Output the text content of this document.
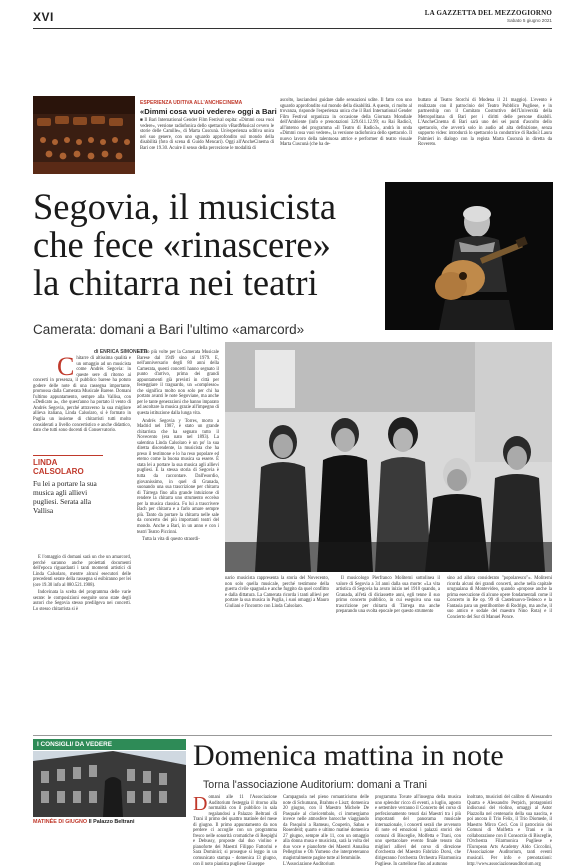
XVI	LA GAZZETTA DEL MEZZOGIORNO
Sabato 5 giugno 2021
ESPERIENZA UDITIVA ALL'ANCHECINEMA
«Dimmi cosa vuoi vedere» oggi a Bari
■ Il Bari International Gender Film Festival ospita: «Dimmi cosa vuoi vedere», versione radiofonica dello spettacolo vBardMusical ovvero le storie delle Camille», di Marta Cuscunà. Un'esperienza uditiva unica nel suo genere, con uno sguardo approfondito sul mondo della disabilità (foto di scena di Guido Mencari). Oggi all'AncheCinema di Bari ore 19.30. Acuire il senso della percezione le modalità di
ascolto, lasciandosi guidare dalle sensazioni udite. Il fatto con uno sguardo approfondito sul mondo della disabilità. A questo, ci molto al trovanza, risponde l'esperienza unica che il Bari International Gender Film Festival organizza in occasione della Giornata Mondiale dell'Ambiente (info e prenotazioni 329.611.12.99; su Rai Radio3, all'interno del programma «Il Teatro di Radio3», andrà in onda «Dimmi cosa vuoi vedere», la versione radiofonica dello spettacolo. Il nuovo lavoro della talentuosa attrice e performer di teatro visuale Marta Cuscunà (che ha de-
buttato al Teatro Storchi di Modena il 21 maggio). L'evento è realizzato con il patrocinio del Teatro Pubblico Pugliese, e in partnership con il Comitato Costruttivo dell'Università della Metropolitana di Bari per i diritti delle persone disabili. L'AncheCinema di Bari sarà uno dei sei punti d'ascolto dello spettacolo, che avverrà solo in audio ad alta definizione, senza supporto video: introdurrà lo spettacolo la conduttrice di Radio3 Laura Palmieri in dialogo con la regista Marta Cuscunà in diretta da Rovereto.
Segovia, il musicista
che fece «rinascere»
la chitarra nei teatri
Camerata: domani a Bari l'ultimo «amarcord»
di ENRICA SIMONETTI
C hitarre di altissima qualità e un omaggio ad un musicista come Andrés Segovia: in queste sere di ritorno ai concerti in presenza, il pubblico barese ha potuto godere delle note di una rassegna importante, promossa dalla Camerata Musicale Barese. Domani l'ultimo appuntamento, sempre alla Vallisa, con «Dedicato a», che quest'anno ha portato il vento di Andrés Segovia, perché attraverso la sua migliore allieva italiana, Linda Calsolaro, si è formato in Puglia un insieme di chitarristi tutti molto considerati a livello concertistico e anche didattico, dato che tutti sono docenti di Conservatorio.

LINDA CALSOLARO
Fu lei a portare la sua musica agli allievi pugliesi. Serata alla Vallisa

E l'omaggio di domani sarà un che un amarcord, perché saranno anche proiettati documenti dell'epoca riguardanti i tanti momenti artistici di Linda Calsolaro, mentre alcuni esecutori delle precedenti serate della rassegna si esibiranno per lei (ore 19.30 info al 080.521.1908).

Indovinata la scelta del programma delle varie serate: le composizioni eseguite sono state degli autori che Segovia stesso predilgeva nei concerti. Lo stesso chitarrista si è

esibito più volte per la Camerata Musicale Barese dal 1949 sino al 1979. E, nell'anniversario degli 80 anni della Camerata, questi concerti hanno segnato il punto d'arrivo, prima dei grandi appuntamenti già previsti in città per festeggiare il traguardo, un «complesso» che significa molto non solo per chi ha portato avanti le note Segoviane, ma anche per le tante generazioni che hanno imparato ad ascoltare la musica grazie all'impegno di questa istituzione dalla lunga vita.

Andrés Segovia y Torres, morto a Madrid nel 1987, è stato un grande chitarrista che ha segnato tutto il Novecento (era nato nel 1893). La salentina Linda Calsolaro è un po' la sua diretta discendente, la musicista che ha preso il testimone e lo ha reso popolare ed eterno come la buona musica sa essere. È stata lei a portare la sua musica agli allievi pugliesi. E la stessa storia di Segovia è tutta da raccontare. Dall'esordio, giovanissimo, in quel di Granada, suonando una sua trascrizione per chitarra di Tárrega fino alla grande intuizione di rendere la chitarra uno strumento eccelso per la musica classica. Fu lui a trascrivere Bach per chitarra e a farlo amare sempre più. Tanto da portare la chitarra nelle sale da concerto dei più importanti teatri del mondo. Anche a Bari, in un anno e con i teatri Teatro Piccinni.

Tutta la vita di questo straordi-

nario musicista rappresenta la storia del Novecento, non solo quella musicale, perché testimone della guerra civile spagnola e anche fuggito da quel conflitto e dalla dittatura. La Camerata ricorda i tanti allievi per portare la sua musica in Puglia, i suoi omaggi a Mauro Giuliani e l'incontro con Linda Calsolaro.

Il musicologo Pierfranco Moliterni sottolinea il valore di Segovia a 34 anni dalla sua morte: «La vita artistica di Segovia ha avuto inizio nel 1910 quando, a Granada, all'età di diciassette anni, egli tenne il suo primo concerto pubblico, in cui eseguiva una sua trascrizione per chitarra di Tárrega ma anche preparando una svolta epocale per questo strumento

sino ad allora considerato "popolaresco"». Moliterni ricorda alcuni dei grandi concerti, anche nella capitale uruguaiana di Montevideo, quando «propose anche la prima esecuzione di alcune opere fondamentali come il Concerto in Re op. 99 di Castelnuovo-Tedesco e la Fantasia para un gentilhombre di Rodrigo, ma anche, il suo amico e sodale del maestro Nino Rota) e il Concierto del Sur di Manuel Ponce.

I CONSIGLI/ DA VEDERE
MATINÉE DI GIUGNO Il Palazzo Beltrani
Domenica mattina in note
Torna l'associazione Auditorium: domani a Trani
D omani alle 11 l'Associazione Auditorium festeggia il ritorno alla normalità con il pubblico in sala regalandosi a Palazzo Beltrani di Trani il primo dei quattro matinée del mese di giugno. Il primo appuntamento da non perdere ci accoglie con un programma fresco nelle sonorità cromatiche di Respighi e Debussy, proposte dal duo violino e pianoforte dei Maestri Filippo Fattorini e Sara Dominici; si prosegue si leggo in un comunicato stampa - domenica 13 giugno, con il noto pianista pugliese Giuseppe
Campagnola nel pieno romanticismo delle note di Schumann, Brahms e Liszt; domenica 20 giugno, con il Maestro Michele De Pasquale al clavicembalo, ci immergiamo invece nelle atmosfere barocche viaggiando da Pasquini a Rameau, Couperin, Sabas e Rosenfeld; quarto e ultimo matiné domenica 27 giugno, sempre alle 11, con un omaggio alla donna musa e musicista, sarà la volta del duo voce e pianoforte dei Maestri Annalisa Pellegrino e Oh Yumeno che interpreteranno magistralmente pagine tutte al femminile.
L'Associazione Auditorium
programma Tovate all'insegna della musica uno splendor ricco di eventi, a luglio, agosto e settembre verranno il Concerto del corso di perfezionamento tenuti dai Maestri tra i più importanti del panorama musicale internazionale, i concerti serali che avvenuto di note ed emozioni i palazzi storici dei comuni di Bisceglie, Molfetta e Trani, con uno spettacolare evento finale tenuto dai migliori allievi del corso di direzione d'orchestra del Maestro Fabrizio Dorsi, che dirigeranno l'orchestra Orchestra Filarmonica Pugliese. In cartellone fino ad autunno
inoltrato, musicisti del calibro di Alessandro Quarta e Alessandro Perpich, protagonisti indiscussi del violino, omaggi al Astor Piazzolla nel centenario della sua nascita, e poi ancora il Trio Felix, il Trio Diomede, il Maestro Mirco Ceci. Con il patrocinio dei Comuni di Molfetta e Trani e in collaborazione con il Consorzio di Bisceglie, l'Orchestra Filarmonica Pugliese e l'European Arts Academy Aldo Ciccolini, l'Associazione Auditorium, tanti eventi musicali. Per info e prenotazioni: http://www.associazioneauditorium.org
